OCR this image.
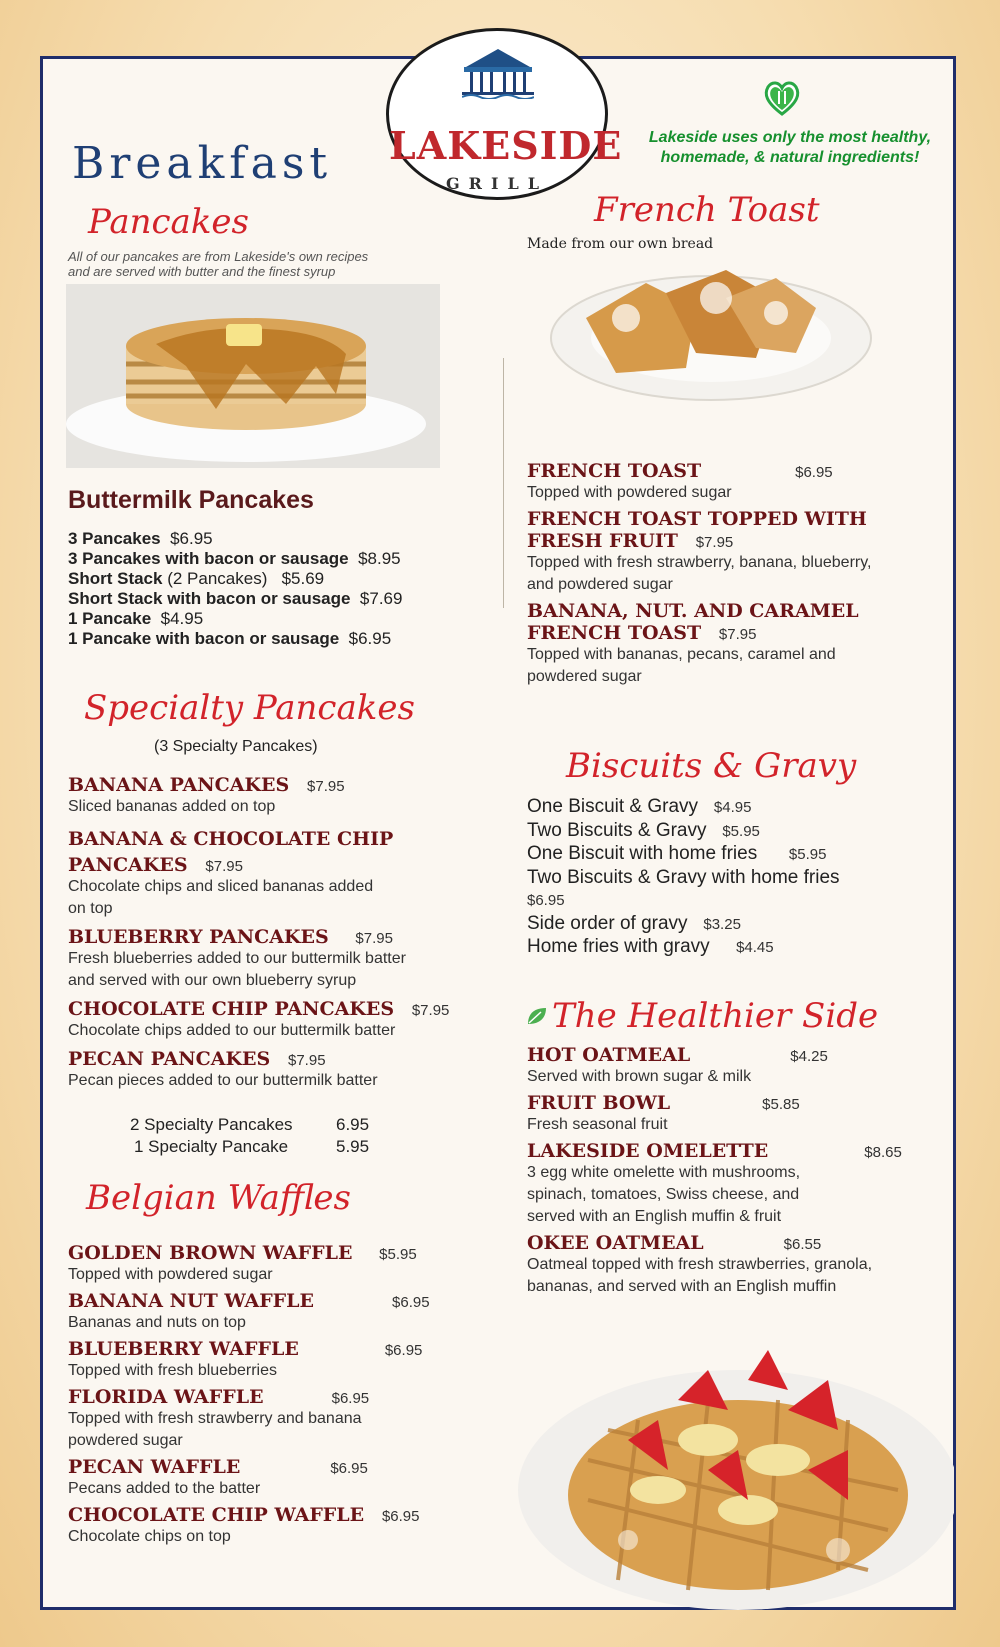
Breakfast LAKESIDE
GRILL
Lakeside uses only the most healthy,
homemade, & natural ingredients!
Pancakes
All of our pancakes are from Lakeside's own recipes
and are served with butter and the finest syrup
Buttermilk Pancakes
3 Pancakes $6.95
3 Pancakes with bacon or sausage $8.95
Short Stack (2 Pancakes) $5.69
Short Stack with bacon or sausage $7.69
1 Pancake $4.95
1 Pancake with bacon or sausage $6.95
Specialty Pancakes
(3 Specialty Pancakes)
BANANA PANCAKES $7.95
Sliced bananas added on top
BANANA & CHOCOLATE CHIP
PANCAKES $7.95
Chocolate chips and sliced bananas added
on top
BLUEBERRY PANCAKES $7.95
Fresh blueberries added to our buttermilk batter
and served with our own blueberry syrup
CHOCOLATE CHIP PANCAKES $7.95
Chocolate chips added to our buttermilk batter
PECAN PANCAKES $7.95
Pecan pieces added to our buttermilk batter
2 Specialty Pancakes	6.95
1 Specialty Pancake	5.95
Belgian Waffles
GOLDEN BROWN WAFFLE $5.95
Topped with powdered sugar
BANANA NUT WAFFLE	$6.95
Bananas and nuts on top
BLUEBERRY WAFFLE	$6.95
Topped with fresh blueberries
FLORIDA WAFFLE	$6.95
Topped with fresh strawberry and banana
powdered sugar
PECAN WAFFLE	$6.95
Pecans added to the batter
CHOCOLATE CHIP WAFFLE $6.95
Chocolate chips on top
French Toast
Made from our own bread
FRENCH TOAST	$6.95
Topped with powdered sugar
FRENCH TOAST TOPPED WITH
FRESH FRUIT $7.95
Topped with fresh strawberry, banana, blueberry,
and powdered sugar
BANANA, NUT. AND CARAMEL
FRENCH TOAST $7.95
Topped with bananas, pecans, caramel and
powdered sugar
Biscuits & Gravy
One Biscuit & Gravy $4.95
Two Biscuits & Gravy $5.95
One Biscuit with home fries $5.95
Two Biscuits & Gravy with home fries
$6.95
Side order of gravy $3.25
Home fries with gravy $4.45
The Healthier Side
HOT OATMEAL	$4.25
Served with brown sugar & milk
FRUIT BOWL	$5.85
Fresh seasonal fruit
LAKESIDE OMELETTE	$8.65
3 egg white omelette with mushrooms,
spinach, tomatoes, Swiss cheese, and
served with an English muffin & fruit
OKEE OATMEAL	$6.55
Oatmeal topped with fresh strawberries, granola,
bananas, and served with an English muffin
